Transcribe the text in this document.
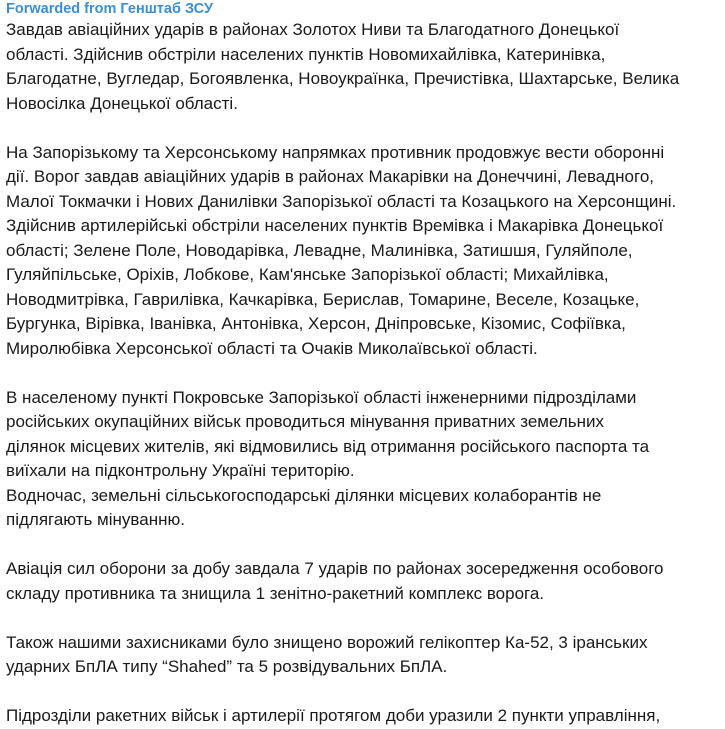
Forwarded from Генштаб ЗСУ
Завдав авіаційних ударів в районах Золотох Ниви та Благодатного Донецької
області. Здійснив обстріли населених пунктів Новомихайлівка, Катеринівка,
Благодатне, Вугледар, Богоявленка, Новоукраїнка, Пречистівка, Шахтарське, Велика
Новосілка Донецької області.
На Запорізькому та Херсонському напрямках противник продовжує вести оборонні
дії. Ворог завдав авіаційних ударів в районах Макарівки на Донеччині, Левадного,
Малої Токмачки і Нових Данилівки Запорізької області та Козацького на Херсонщині.
Здійснив артилерійські обстріли населених пунктів Времівка і Макарівка Донецької
області; Зелене Поле, Новодарівка, Левадне, Малинівка, Затишшя, Гуляйполе,
Гуляйпільське, Оріхів, Лобкове, Кам'янське Запорізької області; Михайлівка,
Новодмитрівка, Гаврилівка, Качкарівка, Берислав, Томарине, Веселе, Козацьке,
Бургунка, Вірівка, Іванівка, Антонівка, Херсон, Дніпровське, Кізомис, Софіївка,
Миролюбівка Херсонської області та Очаків Миколаївської області.
В населеному пункті Покровське Запорізької області інженерними підрозділами
російських окупаційних військ проводиться мінування приватних земельних
ділянок місцевих жителів, які відмовились від отримання російського паспорта та
виїхали на підконтрольну Україні територію.
Водночас, земельні сільськогосподарські ділянки місцевих колаборантів не
підлягають мінуванню.
Авіація сил оборони за добу завдала 7 ударів по районах зосередження особового
складу противника та знищила 1 зенітно-ракетний комплекс ворога.
Також нашими захисниками було знищено ворожий гелікоптер Ка-52, 3 іранських
ударних БпЛА типу “Shahed” та 5 розвідувальних БпЛА.
Підрозділи ракетних військ і артилерії протягом доби уразили 2 пункти управління,
